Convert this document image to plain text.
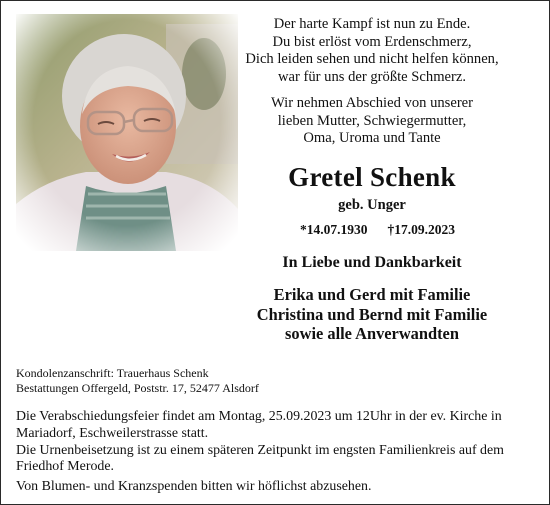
Der harte Kampf ist nun zu Ende.
Du bist erlöst vom Erdenschmerz,
Dich leiden sehen und nicht helfen können,
war für uns der größte Schmerz.
Wir nehmen Abschied von unserer
lieben Mutter, Schwiegermutter,
Oma, Uroma und Tante
Gretel Schenk
geb. Unger
*14.07.1930 †17.09.2023
In Liebe und Dankbarkeit
Erika und Gerd mit Familie
Christina und Bernd mit Familie
sowie alle Anverwandten
Kondolenzanschrift: Trauerhaus Schenk
Bestattungen Offergeld, Poststr. 17, 52477 Alsdorf

Die Verabschiedungsfeier findet am Montag, 25.09.2023 um 12Uhr in der ev. Kirche in Mariadorf, Eschweilerstrasse statt.

Die Urnenbeisetzung ist zu einem späteren Zeitpunkt im engsten Familienkreis auf dem Friedhof Merode.

Von Blumen- und Kranzspenden bitten wir höflichst abzusehen.
